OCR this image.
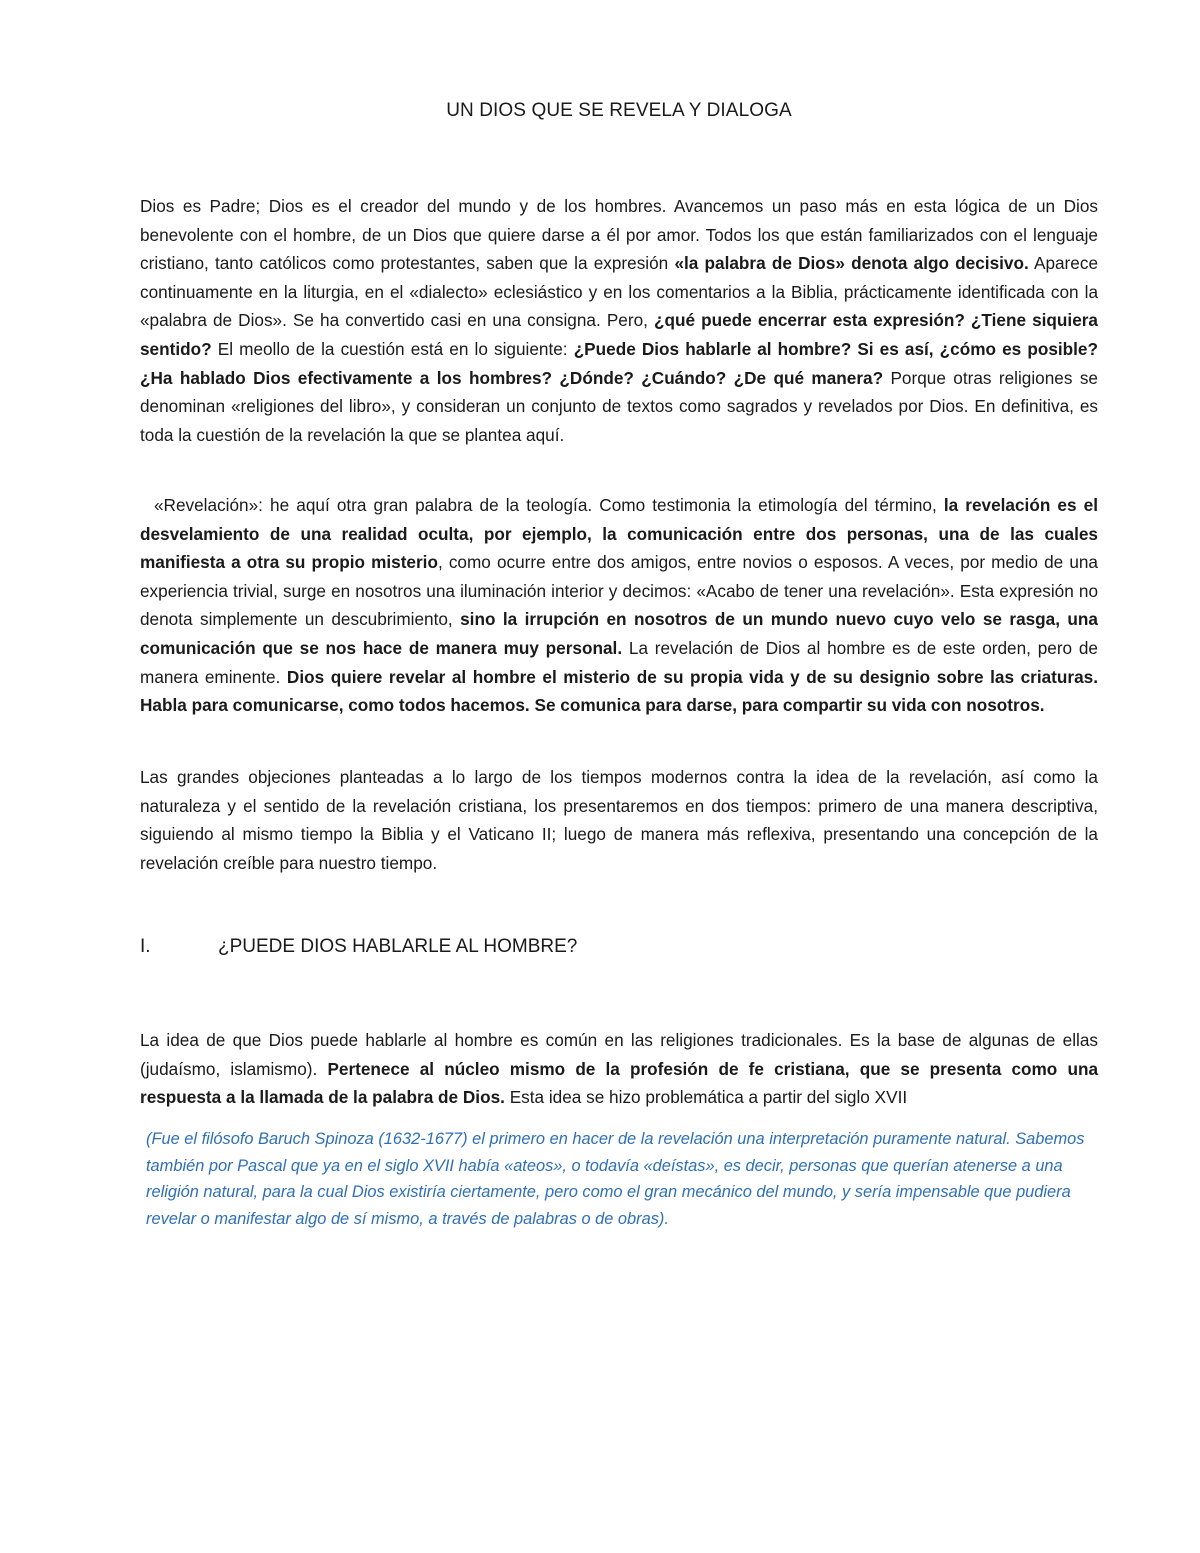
UN DIOS QUE SE REVELA Y DIALOGA

Dios es Padre; Dios es el creador del mundo y de los hombres. Avancemos un paso más en esta lógica de un Dios benevolente con el hombre, de un Dios que quiere darse a él por amor. Todos los que están familiarizados con el lenguaje cristiano, tanto católicos como protestantes, saben que la expresión «la palabra de Dios» denota algo decisivo. Aparece continuamente en la liturgia, en el «dialecto» eclesiástico y en los comentarios a la Biblia, prácticamente identificada con la «palabra de Dios». Se ha convertido casi en una consigna. Pero, ¿qué puede encerrar esta expresión? ¿Tiene siquiera sentido? El meollo de la cuestión está en lo siguiente: ¿Puede Dios hablarle al hombre? Si es así, ¿cómo es posible? ¿Ha hablado Dios efectivamente a los hombres? ¿Dónde? ¿Cuándo? ¿De qué manera? Porque otras religiones se denominan «religiones del libro», y consideran un conjunto de textos como sagrados y revelados por Dios. En definitiva, es toda la cuestión de la revelación la que se plantea aquí.

«Revelación»: he aquí otra gran palabra de la teología. Como testimonia la etimología del término, la revelación es el desvelamiento de una realidad oculta, por ejemplo, la comunicación entre dos personas, una de las cuales manifiesta a otra su propio misterio, como ocurre entre dos amigos, entre novios o esposos. A veces, por medio de una experiencia trivial, surge en nosotros una iluminación interior y decimos: «Acabo de tener una revelación». Esta expresión no denota simplemente un descubrimiento, sino la irrupción en nosotros de un mundo nuevo cuyo velo se rasga, una comunicación que se nos hace de manera muy personal. La revelación de Dios al hombre es de este orden, pero de manera eminente. Dios quiere revelar al hombre el misterio de su propia vida y de su designio sobre las criaturas. Habla para comunicarse, como todos hacemos. Se comunica para darse, para compartir su vida con nosotros.

Las grandes objeciones planteadas a lo largo de los tiempos modernos contra la idea de la revelación, así como la naturaleza y el sentido de la revelación cristiana, los presentaremos en dos tiempos: primero de una manera descriptiva, siguiendo al mismo tiempo la Biblia y el Vaticano II; luego de manera más reflexiva, presentando una concepción de la revelación creíble para nuestro tiempo.

I.	¿PUEDE DIOS HABLARLE AL HOMBRE?

La idea de que Dios puede hablarle al hombre es común en las religiones tradicionales. Es la base de algunas de ellas (judaísmo, islamismo). Pertenece al núcleo mismo de la profesión de fe cristiana, que se presenta como una respuesta a la llamada de la palabra de Dios. Esta idea se hizo problemática a partir del siglo XVII

(Fue el filósofo Baruch Spinoza (1632-1677) el primero en hacer de la revelación una interpretación puramente natural. Sabemos también por Pascal que ya en el siglo XVII había «ateos», o todavía «deístas», es decir, personas que querían atenerse a una religión natural, para la cual Dios existiría ciertamente, pero como el gran mecánico del mundo, y sería impensable que pudiera revelar o manifestar algo de sí mismo, a través de palabras o de obras).
